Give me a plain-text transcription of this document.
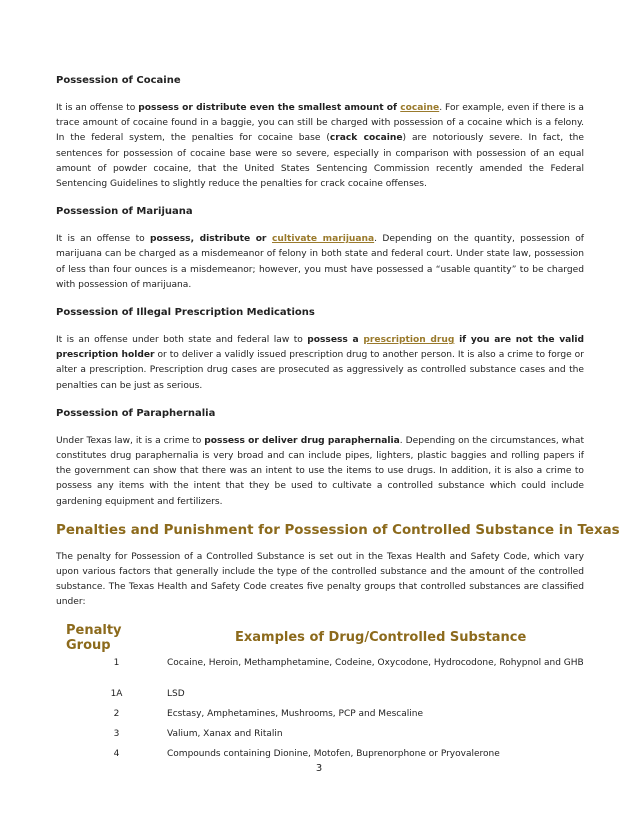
Possession of Cocaine

It is an offense to possess or distribute even the smallest amount of cocaine. For example, even if there is a trace amount of cocaine found in a baggie, you can still be charged with possession of a cocaine which is a felony. In the federal system, the penalties for cocaine base (crack cocaine) are notoriously severe. In fact, the sentences for possession of cocaine base were so severe, especially in comparison with possession of an equal amount of powder cocaine, that the United States Sentencing Commission recently amended the Federal Sentencing Guidelines to slightly reduce the penalties for crack cocaine offenses.

Possession of Marijuana

It is an offense to possess, distribute or cultivate marijuana. Depending on the quantity, possession of marijuana can be charged as a misdemeanor of felony in both state and federal court. Under state law, possession of less than four ounces is a misdemeanor; however, you must have possessed a “usable quantity” to be charged with possession of marijuana.

Possession of Illegal Prescription Medications

It is an offense under both state and federal law to possess a prescription drug if you are not the valid prescription holder or to deliver a validly issued prescription drug to another person. It is also a crime to forge or alter a prescription. Prescription drug cases are prosecuted as aggressively as controlled substance cases and the penalties can be just as serious.

Possession of Paraphernalia

Under Texas law, it is a crime to possess or deliver drug paraphernalia. Depending on the circumstances, what constitutes drug paraphernalia is very broad and can include pipes, lighters, plastic baggies and rolling papers if the government can show that there was an intent to use the items to use drugs. In addition, it is also a crime to possess any items with the intent that they be used to cultivate a controlled substance which could include gardening equipment and fertilizers.

Penalties and Punishment for Possession of Controlled Substance in Texas

The penalty for Possession of a Controlled Substance is set out in the Texas Health and Safety Code, which vary upon various factors that generally include the type of the controlled substance and the amount of the controlled substance. The Texas Health and Safety Code creates five penalty groups that controlled substances are classified under:

Penalty Group	Examples of Drug/Controlled Substance
1	Cocaine, Heroin, Methamphetamine, Codeine, Oxycodone, Hydrocodone, Rohypnol and GHB
1A	LSD
2	Ecstasy, Amphetamines, Mushrooms, PCP and Mescaline
3	Valium, Xanax and Ritalin
4	Compounds containing Dionine, Motofen, Buprenorphone or Pryovalerone
3
